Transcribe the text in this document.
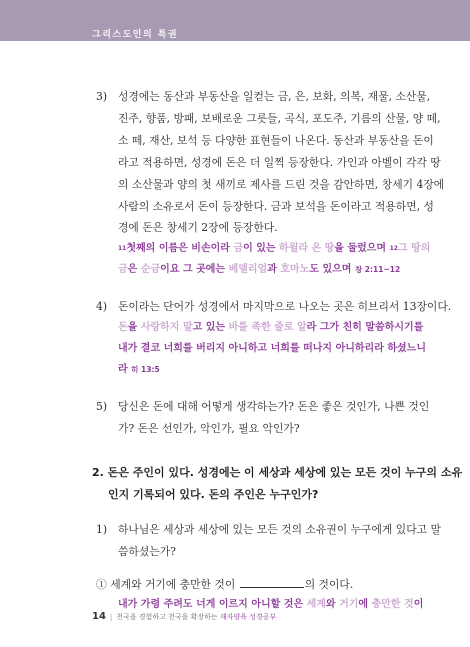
그리스도인의 특권
3) 성경에는 동산과 부동산을 일컫는 금, 은, 보화, 의복, 재물, 소산물,
진주, 향품, 방패, 보배로운 그릇들, 곡식, 포도주, 기름의 산물, 양 떼,
소 떼, 재산, 보석 등 다양한 표현들이 나온다. 동산과 부동산을 돈이
라고 적용하면, 성경에 돈은 더 일찍 등장한다. 가인과 아벨이 각각 땅
의 소산물과 양의 첫 새끼로 제사를 드린 것을 감안하면, 창세기 4장에
사람의 소유로서 돈이 등장한다. 금과 보석을 돈이라고 적용하면, 성
경에 돈은 창세기 2장에 등장한다.
$^{11}$첫째의 이름은 비손이라 금이 있는 하윌라 온 땅을 둘렀으며 $^{12}$그 땅의
금은 순금이요 그 곳에는 베델리엄과 호마노도 있으며 창 2:11~12
4) 돈이라는 단어가 성경에서 마지막으로 나오는 곳은 히브리서 13장이다.
돈을 사랑하지 말고 있는 바를 족한 줄로 알라 그가 친히 말씀하시기를
내가 결코 너희를 버리지 아니하고 너희를 떠나지 아니하리라 하셨느니
라 히 13:5
5) 당신은 돈에 대해 어떻게 생각하는가? 돈은 좋은 것인가, 나쁜 것인
가? 돈은 선인가, 악인가, 필요 악인가?
2. 돈은 주인이 있다. 성경에는 이 세상과 세상에 있는 모든 것이 누구의 소유
인지 기록되어 있다. 돈의 주인은 누구인가?
1) 하나님은 세상과 세상에 있는 모든 것의 소유권이 누구에게 있다고 말
씀하셨는가?
① 세계와 거기에 충만한 것이	의 것이다.
내가 가령 주려도 너게 이르지 아니할 것은 세계와 거기에 충만한 것이
14 | 천국을 경험하고 천국을 확장하는 재자양육 성경공부
